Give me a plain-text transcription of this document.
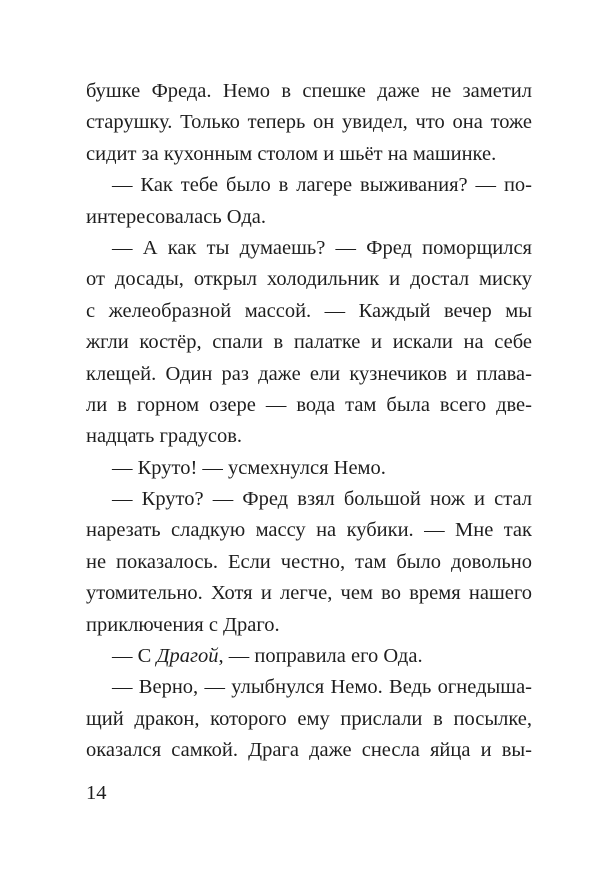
бушке Фреда. Немо в спешке даже не заметил
старушку. Только теперь он увидел, что она тоже
сидит за кухонным столом и шьёт на машинке.
— Как тебе было в лагере выживания? — по-
интересовалась Ода.
— А как ты думаешь? — Фред поморщился
от досады, открыл холодильник и достал миску
с желеобразной массой. — Каждый вечер мы
жгли костёр, спали в палатке и искали на себе
клещей. Один раз даже ели кузнечиков и плава-
ли в горном озере — вода там была всего две-
надцать градусов.
— Круто! — усмехнулся Немо.
— Круто? — Фред взял большой нож и стал
нарезать сладкую массу на кубики. — Мне так
не показалось. Если честно, там было довольно
утомительно. Хотя и легче, чем во время нашего
приключения с Драго.
— С Драгой, — поправила его Ода.
— Верно, — улыбнулся Немо. Ведь огнедыша-
щий дракон, которого ему прислали в посылке,
оказался самкой. Драга даже снесла яйца и вы-
14
